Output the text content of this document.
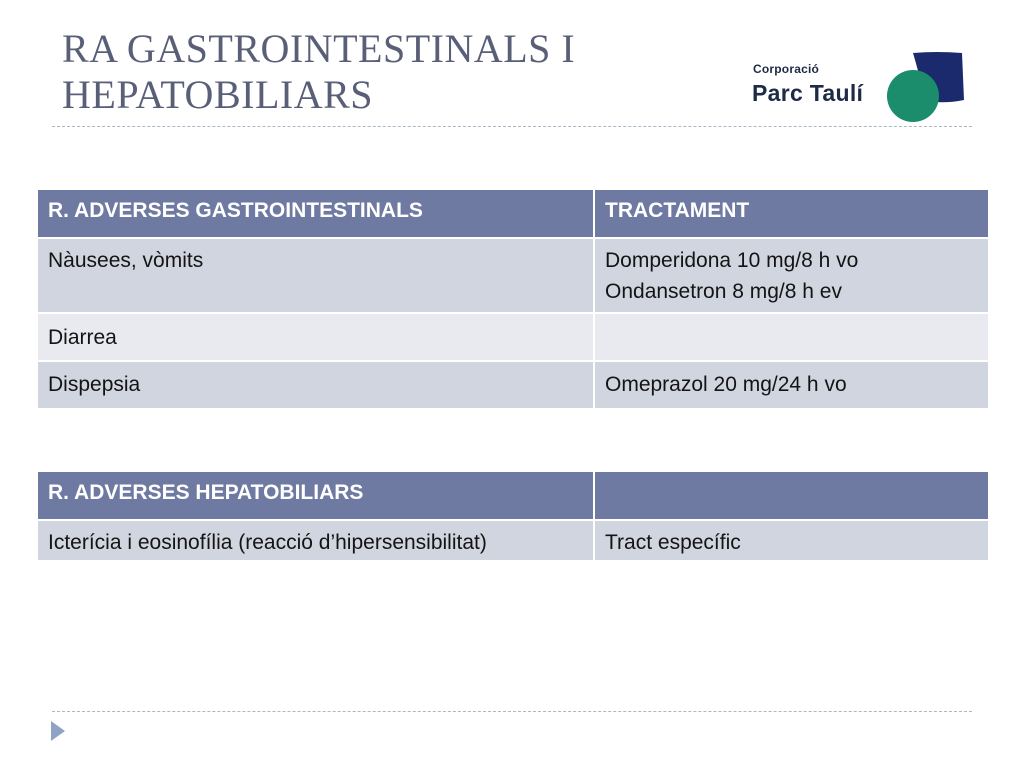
RA GASTROINTESTINALS I
HEPATOBILIARS
Corporació
Parc Taulí
R. ADVERSES GASTROINTESTINALS	TRACTAMENT
Nàusees, vòmits	Domperidona 10 mg/8 h vo
Ondansetron 8 mg/8 h ev

Diarrea	
Dispepsia	Omeprazol 20 mg/24 h vo
R. ADVERSES HEPATOBILIARS	
Icterícia i eosinofília (reacció d’hipersensibilitat)	Tract específic
